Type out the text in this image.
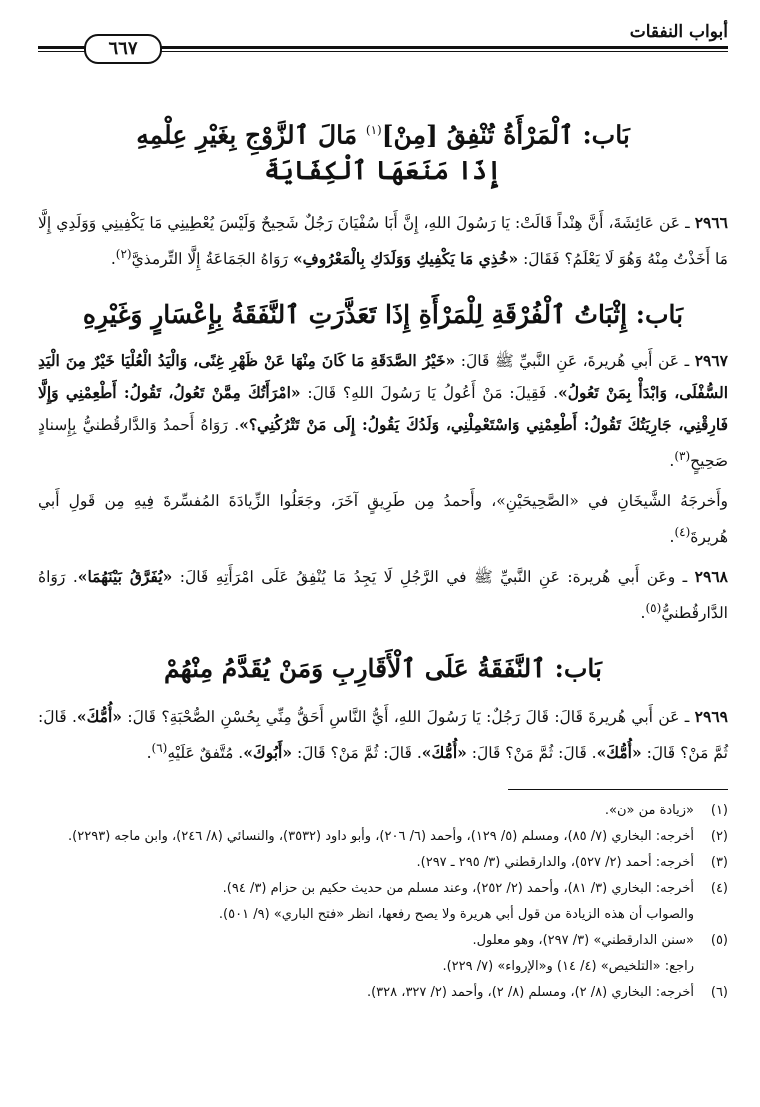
أبواب النفقات
٦٦٧
بَاب: ٱلْمَرْأَةُ تُنْفِقُ [مِنْ]$^{(١)}$ مَالَ ٱلزَّوْجِ بِغَيْرِ عِلْمِهِ
إِذَا مَنَعَهَا ٱلْكِفَايَةَ

٢٩٦٦ ـ عَن عَائِشَةَ، أَنَّ هِنْداً قَالَتْ: يَا رَسُولَ اللهِ، إِنَّ أَبَا سُفْيَانَ رَجُلٌ شَحِيحٌ وَلَيْسَ يُعْطِينِي مَا يَكْفِينِي وَوَلَدِي إِلَّا مَا أَخَذْتُ مِنْهُ وَهُوَ لَا يَعْلَمُ؟ فَقَالَ: «خُذِي مَا يَكْفِيكِ وَوَلَدَكِ بِالْمَعْرُوفِ» رَوَاهُ الجَمَاعَةُ إِلَّا التِّرمذيَّ$^{(٢)}$.

بَاب: إِثْبَاتُ ٱلْفُرْقَةِ لِلْمَرْأَةِ إِذَا تَعَذَّرَتِ ٱلنَّفَقَةُ بِإِعْسَارٍ وَغَيْرِهِ

٢٩٦٧ ـ عَن أَبي هُريرةَ، عَنِ النَّبيِّ ﷺ قَالَ: «خَيْرُ الصَّدَقَةِ مَا كَانَ مِنْهَا عَنْ ظَهْرِ غِنًى، وَالْيَدُ الْعُلْيَا خَيْرٌ مِنَ الْيَدِ السُّفْلَى، وَابْدَأْ بِمَنْ تَعُولُ». فَقِيلَ: مَنْ أَعُولُ يَا رَسُولَ اللهِ؟ قَالَ: «امْرَأَتُكَ مِمَّنْ تَعُولُ، تَقُولُ: أَطْعِمْنِي وَإِلَّا فَارِقْنِي، جَارِيَتُكَ تَقُولُ: أَطْعِمْنِي وَاسْتَعْمِلْنِي، وَلَدُكَ يَقُولُ: إِلَى مَنْ تَتْرُكُنِي؟». رَوَاهُ أَحمدُ وَالدَّارقُطنيُّ بِإِسنادٍ صَحِيحٍ$^{(٣)}$.

وأَخرجَهُ الشَّيخَانِ في «الصَّحِيحَيْنِ»، وأَحمدُ مِن طَرِيقٍ آخَرَ، وجَعَلُوا الزِّيادَةَ المُفسِّرةَ فِيهِ مِن قَولِ أَبي هُريرةَ$^{(٤)}$.

٢٩٦٨ ـ وعَن أَبي هُريرة: عَنِ النَّبيِّ ﷺ في الرَّجُلِ لَا يَجِدُ مَا يُنْفِقُ عَلَى امْرَأَتِهِ قَالَ: «يُفَرَّقُ بَيْنَهُمَا». رَوَاهُ الدَّارقُطنيُّ$^{(٥)}$.

بَاب: ٱلنَّفَقَةُ عَلَى ٱلْأَقَارِبِ وَمَنْ يُقَدَّمُ مِنْهُمْ

٢٩٦٩ ـ عَن أَبي هُريرةَ قَالَ: قَالَ رَجُلٌ: يَا رَسُولَ اللهِ، أَيُّ النَّاسِ أَحَقُّ مِنِّي بِحُسْنِ الصُّحْبَةِ؟ قَالَ: «أُمُّكَ». قَالَ: ثُمَّ مَنْ؟ قَالَ: «أُمُّكَ». قَالَ: ثُمَّ مَنْ؟ قَالَ: «أُمُّكَ». قَالَ: ثُمَّ مَنْ؟ قَالَ: «أَبُوكَ». مُتَّفقٌ عَلَيْهِ$^{(٦)}$.

(١)
«زيادة من «ن».
(٢)
أخرجه: البخاري (٧/ ٨٥)، ومسلم (٥/ ١٢٩)، وأحمد (٦/ ٢٠٦)، وأبو داود (٣٥٣٢)، والنسائي (٨/ ٢٤٦)، وابن ماجه (٢٢٩٣).
(٣)
أخرجه: أحمد (٢/ ٥٢٧)، والدارقطني (٣/ ٢٩٥ ـ ٢٩٧).
(٤)
أخرجه: البخاري (٣/ ٨١)، وأحمد (٢/ ٢٥٢)، وعند مسلم من حديث حكيم بن حزام (٣/ ٩٤).
والصواب أن هذه الزيادة من قول أبي هريرة ولا يصح رفعها، انظر «فتح الباري» (٩/ ٥٠١).
(٥)
«سنن الدارقطني» (٣/ ٢٩٧)، وهو معلول.
راجع: «التلخيص» (٤/ ١٤) و«الإرواء» (٧/ ٢٢٩).
(٦)
أخرجه: البخاري (٨/ ٢)، ومسلم (٨/ ٢)، وأحمد (٢/ ٣٢٧، ٣٢٨).
